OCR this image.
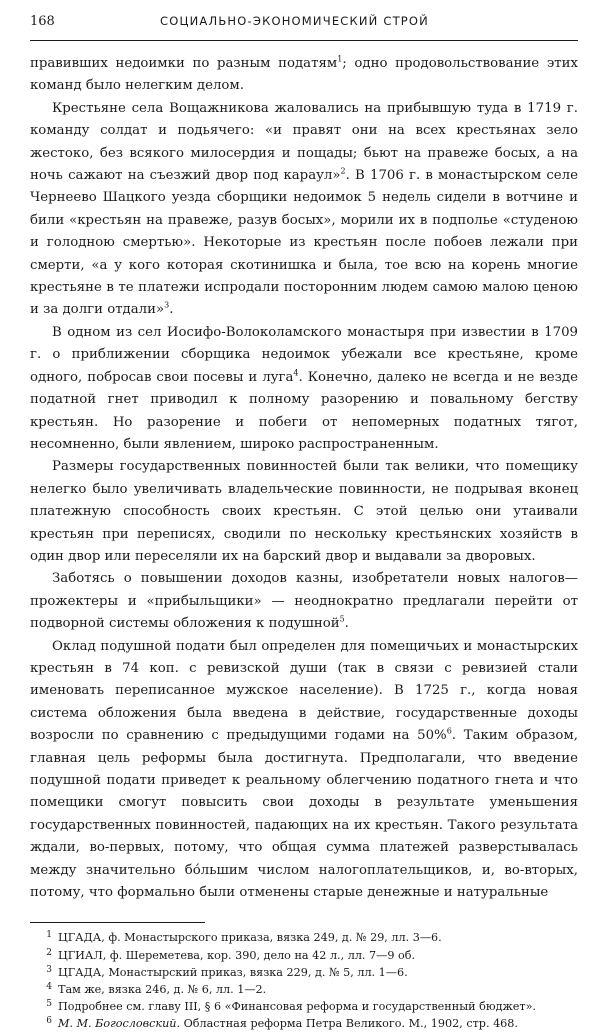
168	СОЦИАЛЬНО-ЭКОНОМИЧЕСКИЙ СТРОЙ

правивших недоимки по разным податям$^1$; одно продовольствование этих команд было нелегким делом.

Крестьяне села Вощажникова жаловались на прибывшую туда в 1719 г. команду солдат и подьячего: «и правят они на всех крестьянах зело жестоко, без всякого милосердия и пощады; бьют на правеже босых, а на ночь сажают на съезжий двор под караул»$^2$. В 1706 г. в монастырском селе Чернеево Шацкого уезда сборщики недоимок 5 недель сидели в вотчине и били «крестьян на правеже, разув босых», морили их в подполье «студеною и голодною смертью». Некоторые из крестьян после побоев лежали при смерти, «а у кого которая скотинишка и была, тое всю на корень многие крестьяне в те платежи испродали посторонним людем самою малою ценою и за долги отдали»$^3$.

В одном из сел Иосифо-Волоколамского монастыря при известии в 1709 г. о приближении сборщика недоимок убежали все крестьяне, кроме одного, побросав свои посевы и луга$^4$. Конечно, далеко не всегда и не везде податной гнет приводил к полному разорению и повальному бегству крестьян. Но разорение и побеги от непомерных податных тягот, несомненно, были явлением, широко распространенным.

Размеры государственных повинностей были так велики, что помещику нелегко было увеличивать владельческие повинности, не подрывая вконец платежную способность своих крестьян. С этой целью они утаивали крестьян при переписях, сводили по нескольку крестьянских хозяйств в один двор или переселяли их на барский двор и выдавали за дворовых.

Заботясь о повышении доходов казны, изобретатели новых налогов— прожектеры и «прибыльщики» — неоднократно предлагали перейти от подворной системы обложения к подушной$^5$.

Оклад подушной подати был определен для помещичьих и монастырских крестьян в 74 коп. с ревизской души (так в связи с ревизией стали именовать переписанное мужское население). В 1725 г., когда новая система обложения была введена в действие, государственные доходы возросли по сравнению с предыдущими годами на 50%$^6$. Таким образом, главная цель реформы была достигнута. Предполагали, что введение подушной подати приведет к реальному облегчению податного гнета и что помещики смогут повысить свои доходы в результате уменьшения государственных повинностей, падающих на их крестьян. Такого результата ждали, во-первых, потому, что общая сумма платежей разверстывалась между значительно бо́льшим числом налогоплательщиков, и, во-вторых, потому, что формально были отменены старые денежные и натуральные

1 ЦГАДА, ф. Монастырского приказа, вязка 249, д. № 29, лл. 3—6.
2 ЦГИАЛ, ф. Шереметева, кор. 390, дело на 42 л., лл. 7—9 об.
3 ЦГАДА, Монастырский приказ, вязка 229, д. № 5, лл. 1—6.
4 Там же, вязка 246, д. № 6, лл. 1—2.
5 Подробнее см. главу III, § 6 «Финансовая реформа и государственный бюджет».
6 М. М. Богословский. Областная реформа Петра Великого. М., 1902, стр. 468.
